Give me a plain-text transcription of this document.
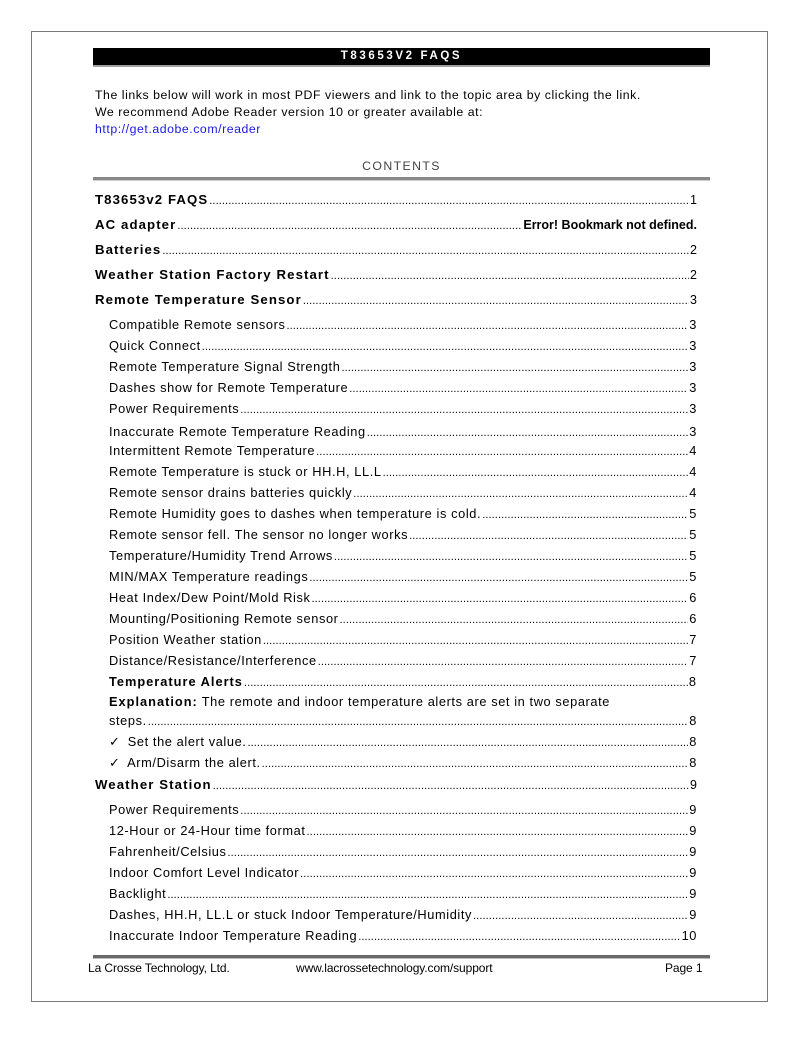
T83653V2 FAQS
The links below will work in most PDF viewers and link to the topic area by clicking the link.
We recommend Adobe Reader version 10 or greater available at:
http://get.adobe.com/reader
CONTENTS
T83653v2 FAQS .....	1
AC adapter .....	Error! Bookmark not defined.
Batteries .....	2
Weather Station Factory Restart .....	2
Remote Temperature Sensor .....	3
Compatible Remote sensors .....	3
Quick Connect .....	3
Remote Temperature Signal Strength .....	3
Dashes show for Remote Temperature .....	3
Power Requirements .....	3
Inaccurate Remote Temperature Reading .....	3
Intermittent Remote Temperature .....	4
Remote Temperature is stuck or HH.H, LL.L .....	4
Remote sensor drains batteries quickly .....	4
Remote Humidity goes to dashes when temperature is cold. .....	5
Remote sensor fell. The sensor no longer works .....	5
Temperature/Humidity Trend Arrows .....	5
MIN/MAX Temperature readings .....	5
Heat Index/Dew Point/Mold Risk .....	6
Mounting/Positioning Remote sensor .....	6
Position Weather station .....	7
Distance/Resistance/Interference .....	7
Temperature Alerts .....	8
Explanation: The remote and indoor temperature alerts are set in two separate
steps. .....	8
✓ Set the alert value. .....	8
✓ Arm/Disarm the alert. .....	8
Weather Station .....	9
Power Requirements .....	9
12-Hour or 24-Hour time format .....	9
Fahrenheit/Celsius .....	9
Indoor Comfort Level Indicator .....	9
Backlight .....	9
Dashes, HH.H, LL.L or stuck Indoor Temperature/Humidity .....	9
Inaccurate Indoor Temperature Reading .....	10
La Crosse Technology, Ltd.	www.lacrossetechnology.com/support	Page 1
